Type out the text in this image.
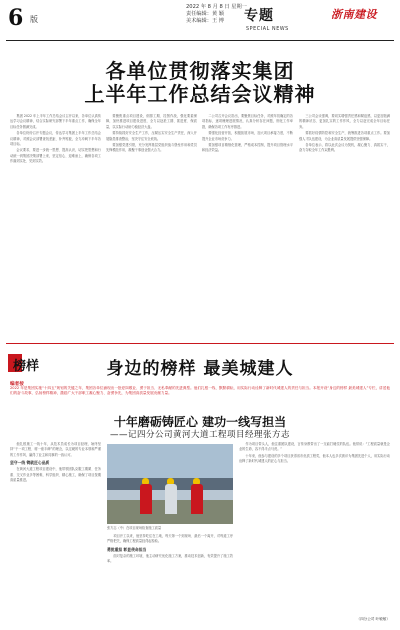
6 版
2022 年 8 月 8 日 星期一
责任编辑：黄 颖
美术编辑：王 博	专题
SPECIAL NEWS
浙南建设
各单位贯彻落实集团
上半年工作总结会议精神

集团 2022 年上半年工作总结会议召开以来，各单位认真传达学习会议精神，结合实际研究部署下半年重点工作，确保全年目标任务圆满完成。

各单位纷纷召开专题会议，传达学习集团上半年工作总结会议精神，对照会议部署查找差距、补齐短板，全力冲刺下半年各项目标。

会议要求，要进一步统一思想、提高认识，切实把思想和行动统一到集团决策部署上来，坚定信心、迎难而上，确保各项工作落到实处、见到实效。

要聚焦重点项目建设，倒排工期、挂图作战，强化要素保障，加快推进项目建设进度，全力以赴抢工期、抓进度、保质量，以实际行动助力稳经济大盘。

要持续抓好安全生产工作，压紧压实安全生产责任，深入开展隐患排查整治，坚决守住安全底线。

要加强党建引领，充分发挥基层党组织战斗堡垒作用和党员先锋模范作用，凝聚干事创业强大合力。

二公司召开会议指出，要聚焦目标任务，对照年初确定的各项指标，逐项梳理进展情况，认真分析存在问题，细化工作举措，确保各项工作有序推进。

要强化经营开拓，积极拓展市场，加大项目承接力度，不断提升企业市场竞争力。

要加强项目精细化管理，严格成本控制，提升项目管理水平和经济效益。

三公司会议强调，要切实增强责任感和紧迫感，以更加饱满的精神状态、更加扎实的工作作风，全力以赴完成全年目标任务。

要抓好疫情防控和安全生产，统筹推进各项重点工作。要加强人才队伍建设，为企业高质量发展提供坚强保障。

各单位表示，将以此次会议为契机，凝心聚力、真抓实干，奋力夺取全年工作双胜利。

榜样	身边的榜样 最美城建人
编者按
2022 年是集团实施“十四五”规划的关键之年，集团各单位涌现出一批爱岗敬业、勇于担当、无私奉献的先进典型。他们扎根一线、默默耕耘，用实际行动诠释了新时代城建人的责任与担当。本报开设“身边的榜样 最美城建人”专栏，讲述他们的奋斗故事，弘扬榜样精神，激励广大干部职工凝心聚力、奋勇争先，为集团高质量发展贡献力量。
十年磨砺铸匠心 建功一线写担当
——记四分公司黄河大道工程项目经理张方志

他扎根施工一线十年，从技术员成长为项目经理，始终坚持“干一项工程、树一座丰碑”的理念，以过硬的专业本领和严谨的工作作风，赢得了业主和同事的一致认可。

坚守一线 铸就匠心品质

在黄河大道工程项目建设中，他带领团队克服工期紧、任务重、交叉作业多等困难，科学组织、精心施工，确保了项目按期高质量推进。

张方志（中）在项目现场检查施工质量

项目开工以来，他坚持吃住在工地，每天第一个到现场、最后一个离开，对每道工序严格把关，确保工程质量经得起检验。

勇挑重担 彰显使命担当

面对复杂的施工环境，他主动研究优化施工方案，推动技术创新，有效提升了施工效率。

作为项目带头人，他注重团队建设，言传身教带出了一支能打硬仗的队伍。他常说：“工程质量就是企业的生命，容不得半点马虎。”

十年来，他参与建设的多个项目获得省市优质工程奖，他本人也多次被评为集团先进个人，用实际行动诠释了新时代城建人的匠心与担当。

（四分公司 叶敏敏）
